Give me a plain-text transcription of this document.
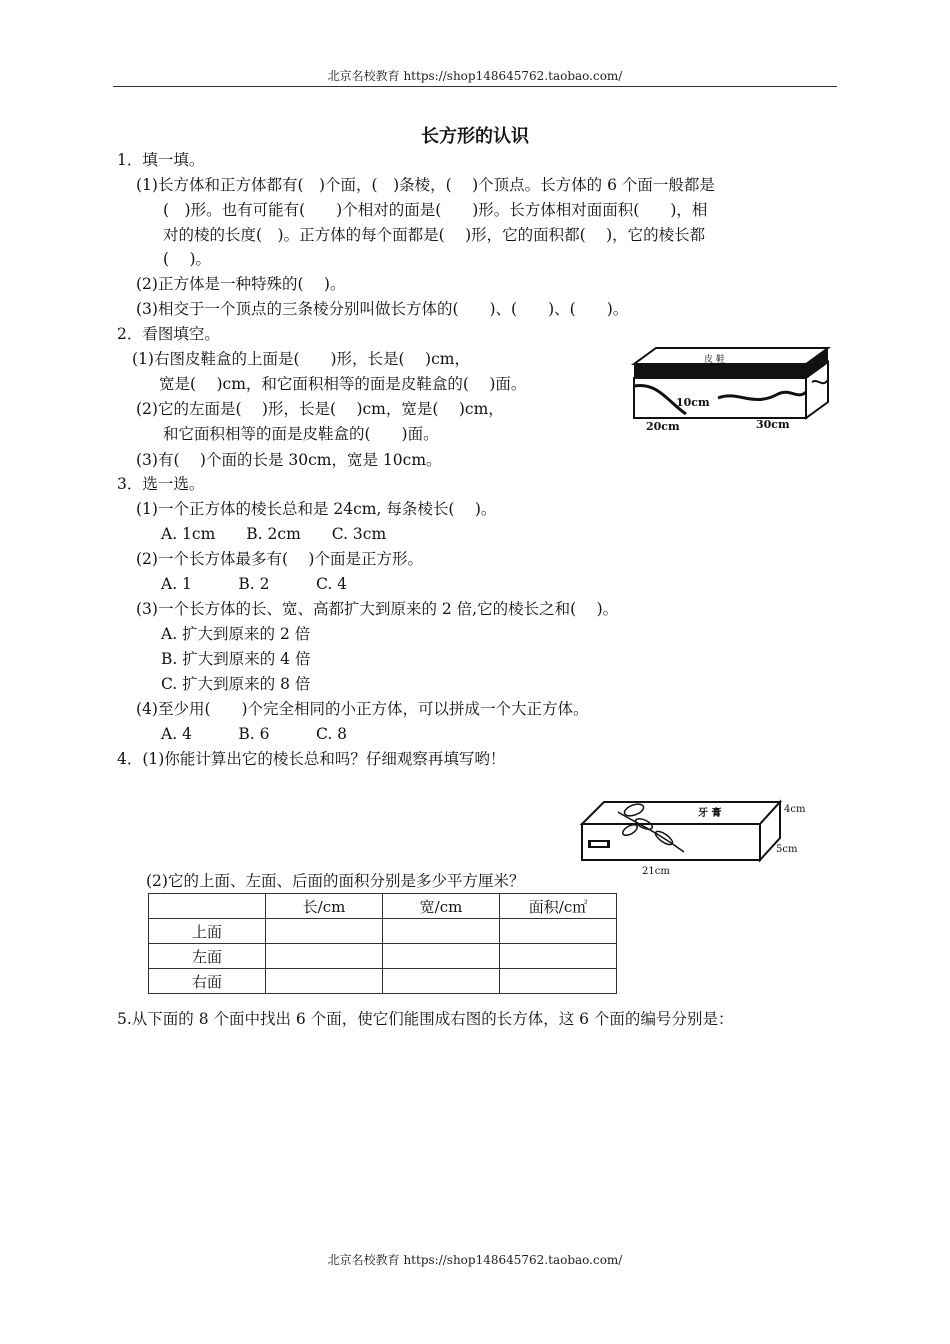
北京名校教育 https://shop148645762.taobao.com/
长方形的认识
1．填一填。
(1)长方体和正方体都有(　)个面，(　)条棱，(　 )个顶点。长方体的 6 个面一般都是
(　)形。也有可能有(　　)个相对的面是(　　)形。长方体相对面面积(　　)，相
对的棱的长度(　)。正方体的每个面都是(　 )形，它的面积都(　 )，它的棱长都
(　 )。
(2)正方体是一种特殊的(　 )。
(3)相交于一个顶点的三条棱分别叫做长方体的(　　)、(　　)、(　　)。
2．看图填空。
(1)右图皮鞋盒的上面是(　　)形，长是(　 )cm，
宽是(　 )cm，和它面积相等的面是皮鞋盒的(　 )面。
(2)它的左面是(　 )形，长是(　 )cm，宽是(　 )cm，
和它面积相等的面是皮鞋盒的(　　)面。
(3)有(　 )个面的长是 30cm，宽是 10cm。
皮 鞋
10cm
20cm	30cm
3．选一选。
(1)一个正方体的棱长总和是 24cm, 每条棱长(　 )。
A. 1cm　　B. 2cm　　C. 3cm
(2)一个长方体最多有(　 )个面是正方形。
A. 1　　　B. 2　　　C. 4
(3)一个长方体的长、宽、高都扩大到原来的 2 倍,它的棱长之和(　 )。
A. 扩大到原来的 2 倍
B. 扩大到原来的 4 倍
C. 扩大到原来的 8 倍
(4)至少用(　　)个完全相同的小正方体，可以拼成一个大正方体。
A. 4　　　B. 6　　　C. 8
4．(1)你能计算出它的棱长总和吗？仔细观察再填写哟！
牙 膏	4cm
5cm
21cm
(2)它的上面、左面、后面的面积分别是多少平方厘米？
	长/cm	宽/cm	面积/c㎡
上面			
左面			
右面			
5.从下面的 8 个面中找出 6 个面，使它们能围成右图的长方体，这 6 个面的编号分别是：
北京名校教育 https://shop148645762.taobao.com/
